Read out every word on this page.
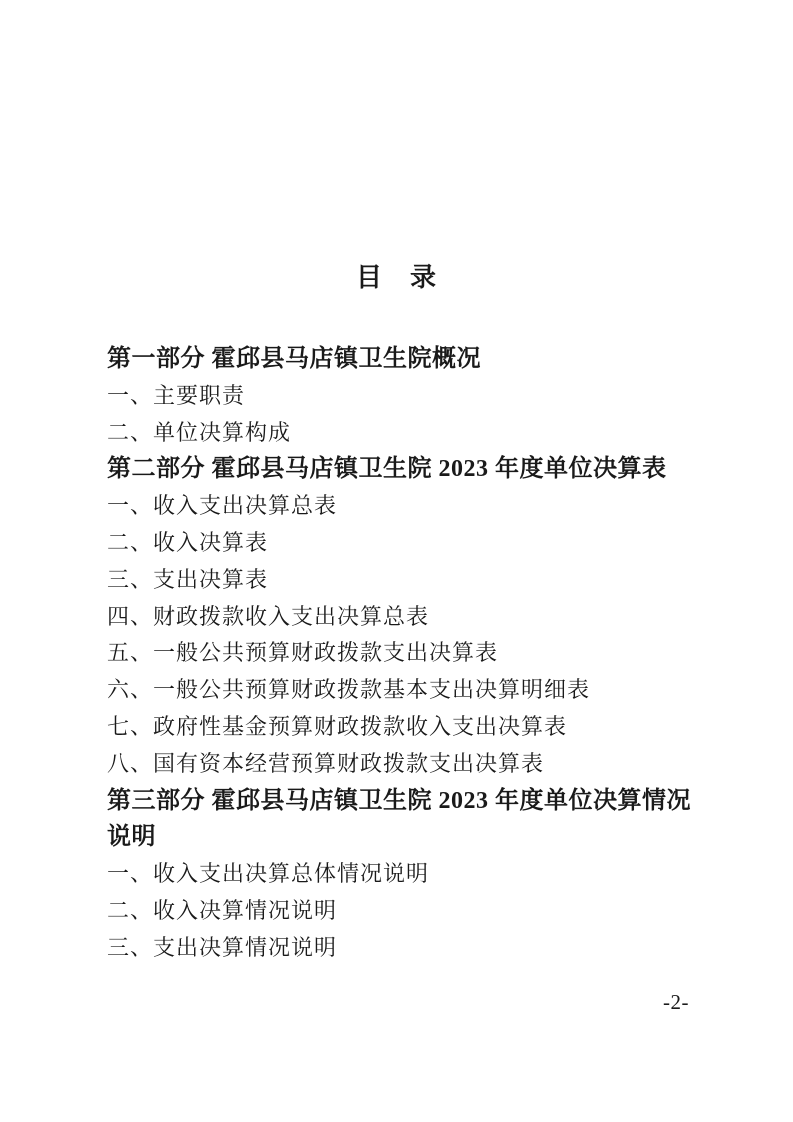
目　录
第一部分 霍邱县马店镇卫生院概况
一、主要职责
二、单位决算构成
第二部分 霍邱县马店镇卫生院 2023 年度单位决算表
一、收入支出决算总表
二、收入决算表
三、支出决算表
四、财政拨款收入支出决算总表
五、一般公共预算财政拨款支出决算表
六、一般公共预算财政拨款基本支出决算明细表
七、政府性基金预算财政拨款收入支出决算表
八、国有资本经营预算财政拨款支出决算表
第三部分 霍邱县马店镇卫生院 2023 年度单位决算情况说明
一、收入支出决算总体情况说明
二、收入决算情况说明
三、支出决算情况说明
-2-
